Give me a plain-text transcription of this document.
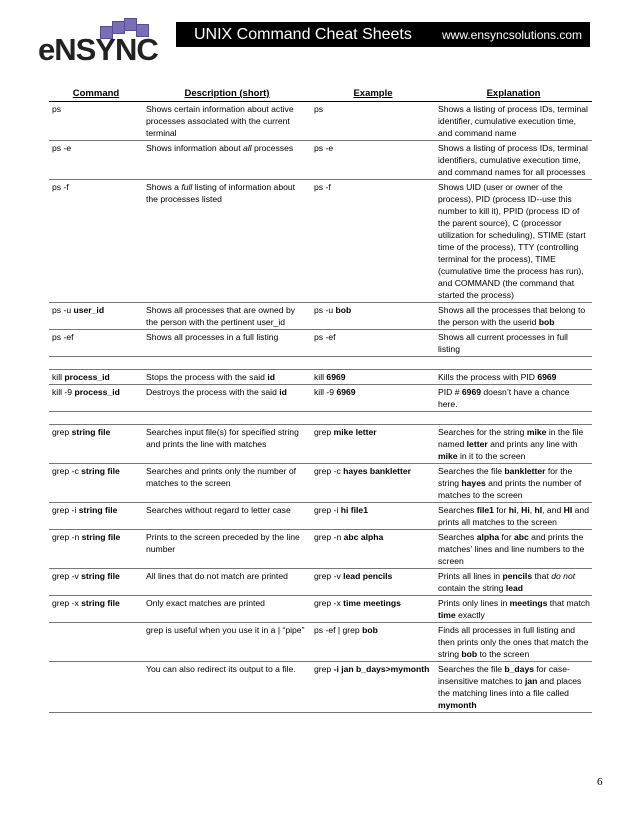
eNSYNC	UNIX Command Cheat Sheets	www.ensyncsolutions.com
Command	Description (short)	Example	Explanation
ps	Shows certain information about active processes associated with the current terminal	ps	Shows a listing of process IDs, terminal identifier, cumulative execution time, and command name
ps -e	Shows information about all processes	ps -e	Shows a listing of process IDs, terminal identifiers, cumulative execution time, and command names for all processes
ps -f	Shows a full listing of information about the processes listed	ps -f	Shows UID (user or owner of the process), PID (process ID--use this number to kill it), PPID (process ID of the parent source), C (processor utilization for scheduling), STIME (start time of the process), TTY (controlling terminal for the process), TIME (cumulative time the process has run), and COMMAND (the command that started the process)
ps -u user_id	Shows all processes that are owned by the person with the pertinent user_id	ps -u bob	Shows all the processes that belong to the person with the userid bob
ps -ef	Shows all processes in a full listing	ps -ef	Shows all current processes in full listing

kill process_id	Stops the process with the said id	kill 6969	Kills the process with PID 6969
kill -9 process_id	Destroys the process with the said id	kill -9 6969	PID # 6969 doesn’t have a chance here.

grep string file	Searches input file(s) for specified string and prints the line with matches	grep mike letter	Searches for the string mike in the file named letter and prints any line with mike in it to the screen
grep -c string file	Searches and prints only the number of matches to the screen	grep -c hayes bankletter	Searches the file bankletter for the string hayes and prints the number of matches to the screen
grep -i string file	Searches without regard to letter case	grep -i hi file1	Searches file1 for hi, Hi, hI, and HI and prints all matches to the screen
grep -n string file	Prints to the screen preceded by the line number	grep -n abc alpha	Searches alpha for abc and prints the matches’ lines and line numbers to the screen
grep -v string file	All lines that do not match are printed	grep -v lead pencils	Prints all lines in pencils that do not contain the string lead
grep -x string file	Only exact matches are printed	grep -x time meetings	Prints only lines in meetings that match time exactly
	grep is useful when you use it in a | “pipe”	ps -ef | grep bob	Finds all processes in full listing and then prints only the ones that match the string bob to the screen
	You can also redirect its output to a file.	grep -i jan b_days>mymonth	Searches the file b_days for case-insensitive matches to jan and places the matching lines into a file called mymonth
6
